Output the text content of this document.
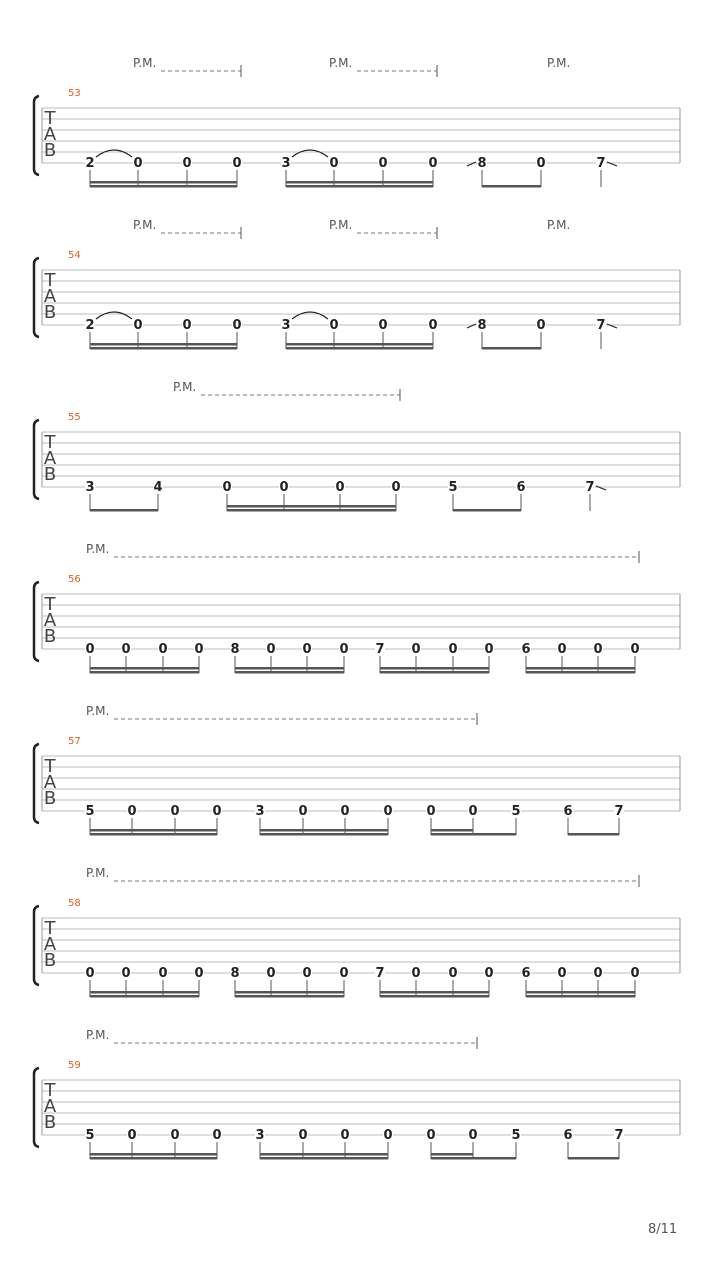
T
A
B
53
P.M.	P.M.	P.M.
2	0	0	0	3	0	0	0	8	0	7
T
A
B
54
P.M.	P.M.	P.M.
2	0	0	0	3	0	0	0	8	0	7
T
A
B
55
P.M.
3	4	0	0	0	0	5	6	7
T
A
B
56
P.M.
0 0 0 0 8 0 0 0 7 0 0 0 6 0 0 0
T
A
B
57
P.M.
5	0	0	0	3	0	0	0	0	0	5	6	7
T
A
B
58
P.M.
0 0 0 0 8 0 0 0 7 0 0 0 6 0 0 0
T
A
B
59
P.M.
5	0	0	0	3	0	0	0	0	0	5	6	7
8/11
